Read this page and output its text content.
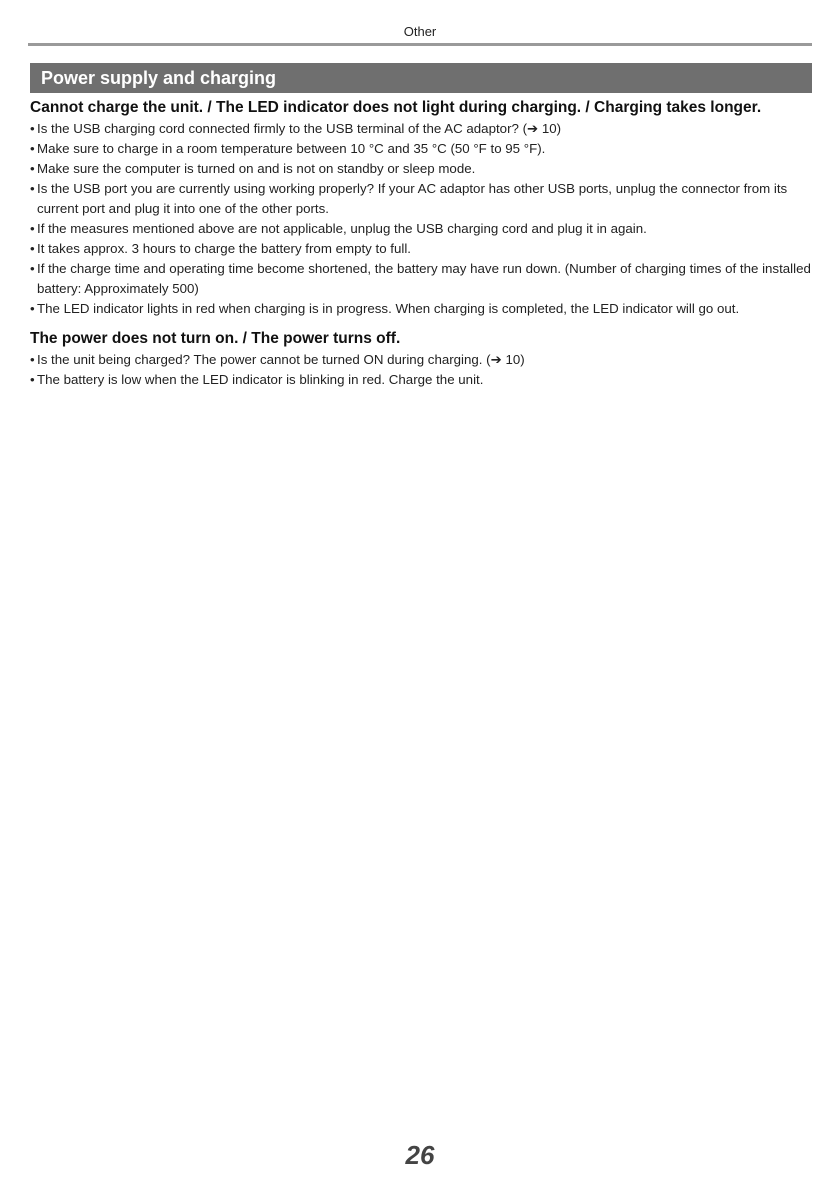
Other
Power supply and charging
Cannot charge the unit. / The LED indicator does not light during charging. / Charging takes longer.
• Is the USB charging cord connected firmly to the USB terminal of the AC adaptor? (➔ 10)
• Make sure to charge in a room temperature between 10 °C and 35 °C (50 °F to 95 °F).
• Make sure the computer is turned on and is not on standby or sleep mode.
• Is the USB port you are currently using working properly? If your AC adaptor has other USB ports, unplug the connector from its current port and plug it into one of the other ports.
• If the measures mentioned above are not applicable, unplug the USB charging cord and plug it in again.
• It takes approx. 3 hours to charge the battery from empty to full.
• If the charge time and operating time become shortened, the battery may have run down. (Number of charging times of the installed battery: Approximately 500)
• The LED indicator lights in red when charging is in progress. When charging is completed, the LED indicator will go out.
The power does not turn on. / The power turns off.
• Is the unit being charged? The power cannot be turned ON during charging. (➔ 10)
• The battery is low when the LED indicator is blinking in red. Charge the unit.
26
